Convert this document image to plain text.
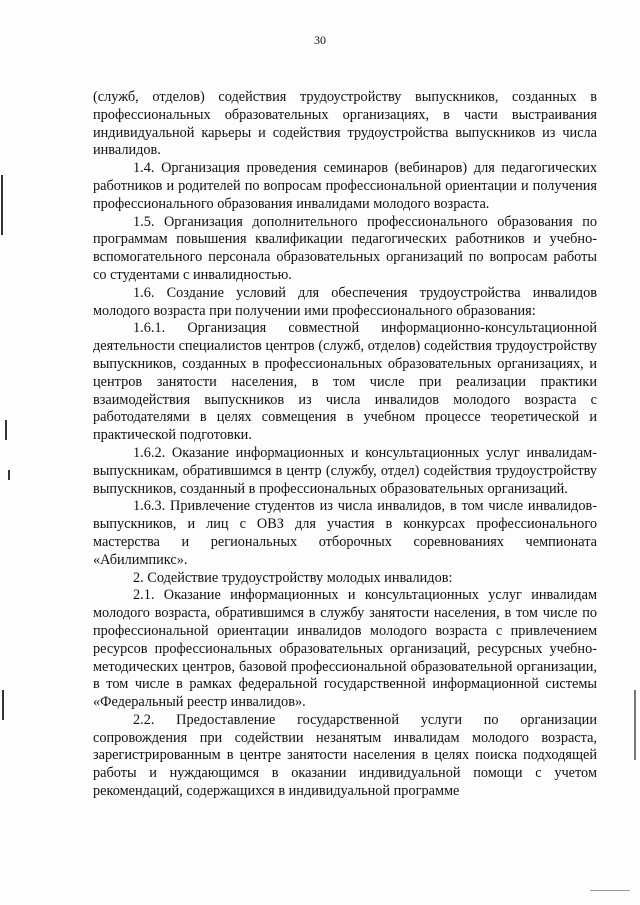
30

(служб, отделов) содействия трудоустройству выпускников, созданных в профессиональных образовательных организациях, в части выстраивания индивидуальной карьеры и содействия трудоустройства выпускников из числа инвалидов.

1.4. Организация проведения семинаров (вебинаров) для педагогических работников и родителей по вопросам профессиональной ориентации и получения профессионального образования инвалидами молодого возраста.

1.5. Организация дополнительного профессионального образования по программам повышения квалификации педагогических работников и учебно-вспомогательного персонала образовательных организаций по вопросам работы со студентами с инвалидностью.

1.6. Создание условий для обеспечения трудоустройства инвалидов молодого возраста при получении ими профессионального образования:

1.6.1. Организация совместной информационно-консультационной деятельности специалистов центров (служб, отделов) содействия трудоустройству выпускников, созданных в профессиональных образовательных организациях, и центров занятости населения, в том числе при реализации практики взаимодействия выпускников из числа инвалидов молодого возраста с работодателями в целях совмещения в учебном процессе теоретической и практической подготовки.

1.6.2. Оказание информационных и консультационных услуг инвалидам-выпускникам, обратившимся в центр (службу, отдел) содействия трудоустройству выпускников, созданный в профессиональных образовательных организаций.

1.6.3. Привлечение студентов из числа инвалидов, в том числе инвалидов-выпускников, и лиц с ОВЗ для участия в конкурсах профессионального мастерства и региональных отборочных соревнованиях чемпионата «Абилимпикс».

2. Содействие трудоустройству молодых инвалидов:

2.1. Оказание информационных и консультационных услуг инвалидам молодого возраста, обратившимся в службу занятости населения, в том числе по профессиональной ориентации инвалидов молодого возраста с привлечением ресурсов профессиональных образовательных организаций, ресурсных учебно-методических центров, базовой профессиональной образовательной организации, в том числе в рамках федеральной государственной информационной системы «Федеральный реестр инвалидов».

2.2. Предоставление государственной услуги по организации сопровождения при содействии незанятым инвалидам молодого возраста, зарегистрированным в центре занятости населения в целях поиска подходящей работы и нуждающимся в оказании индивидуальной помощи с учетом рекомендаций, содержащихся в индивидуальной программе
